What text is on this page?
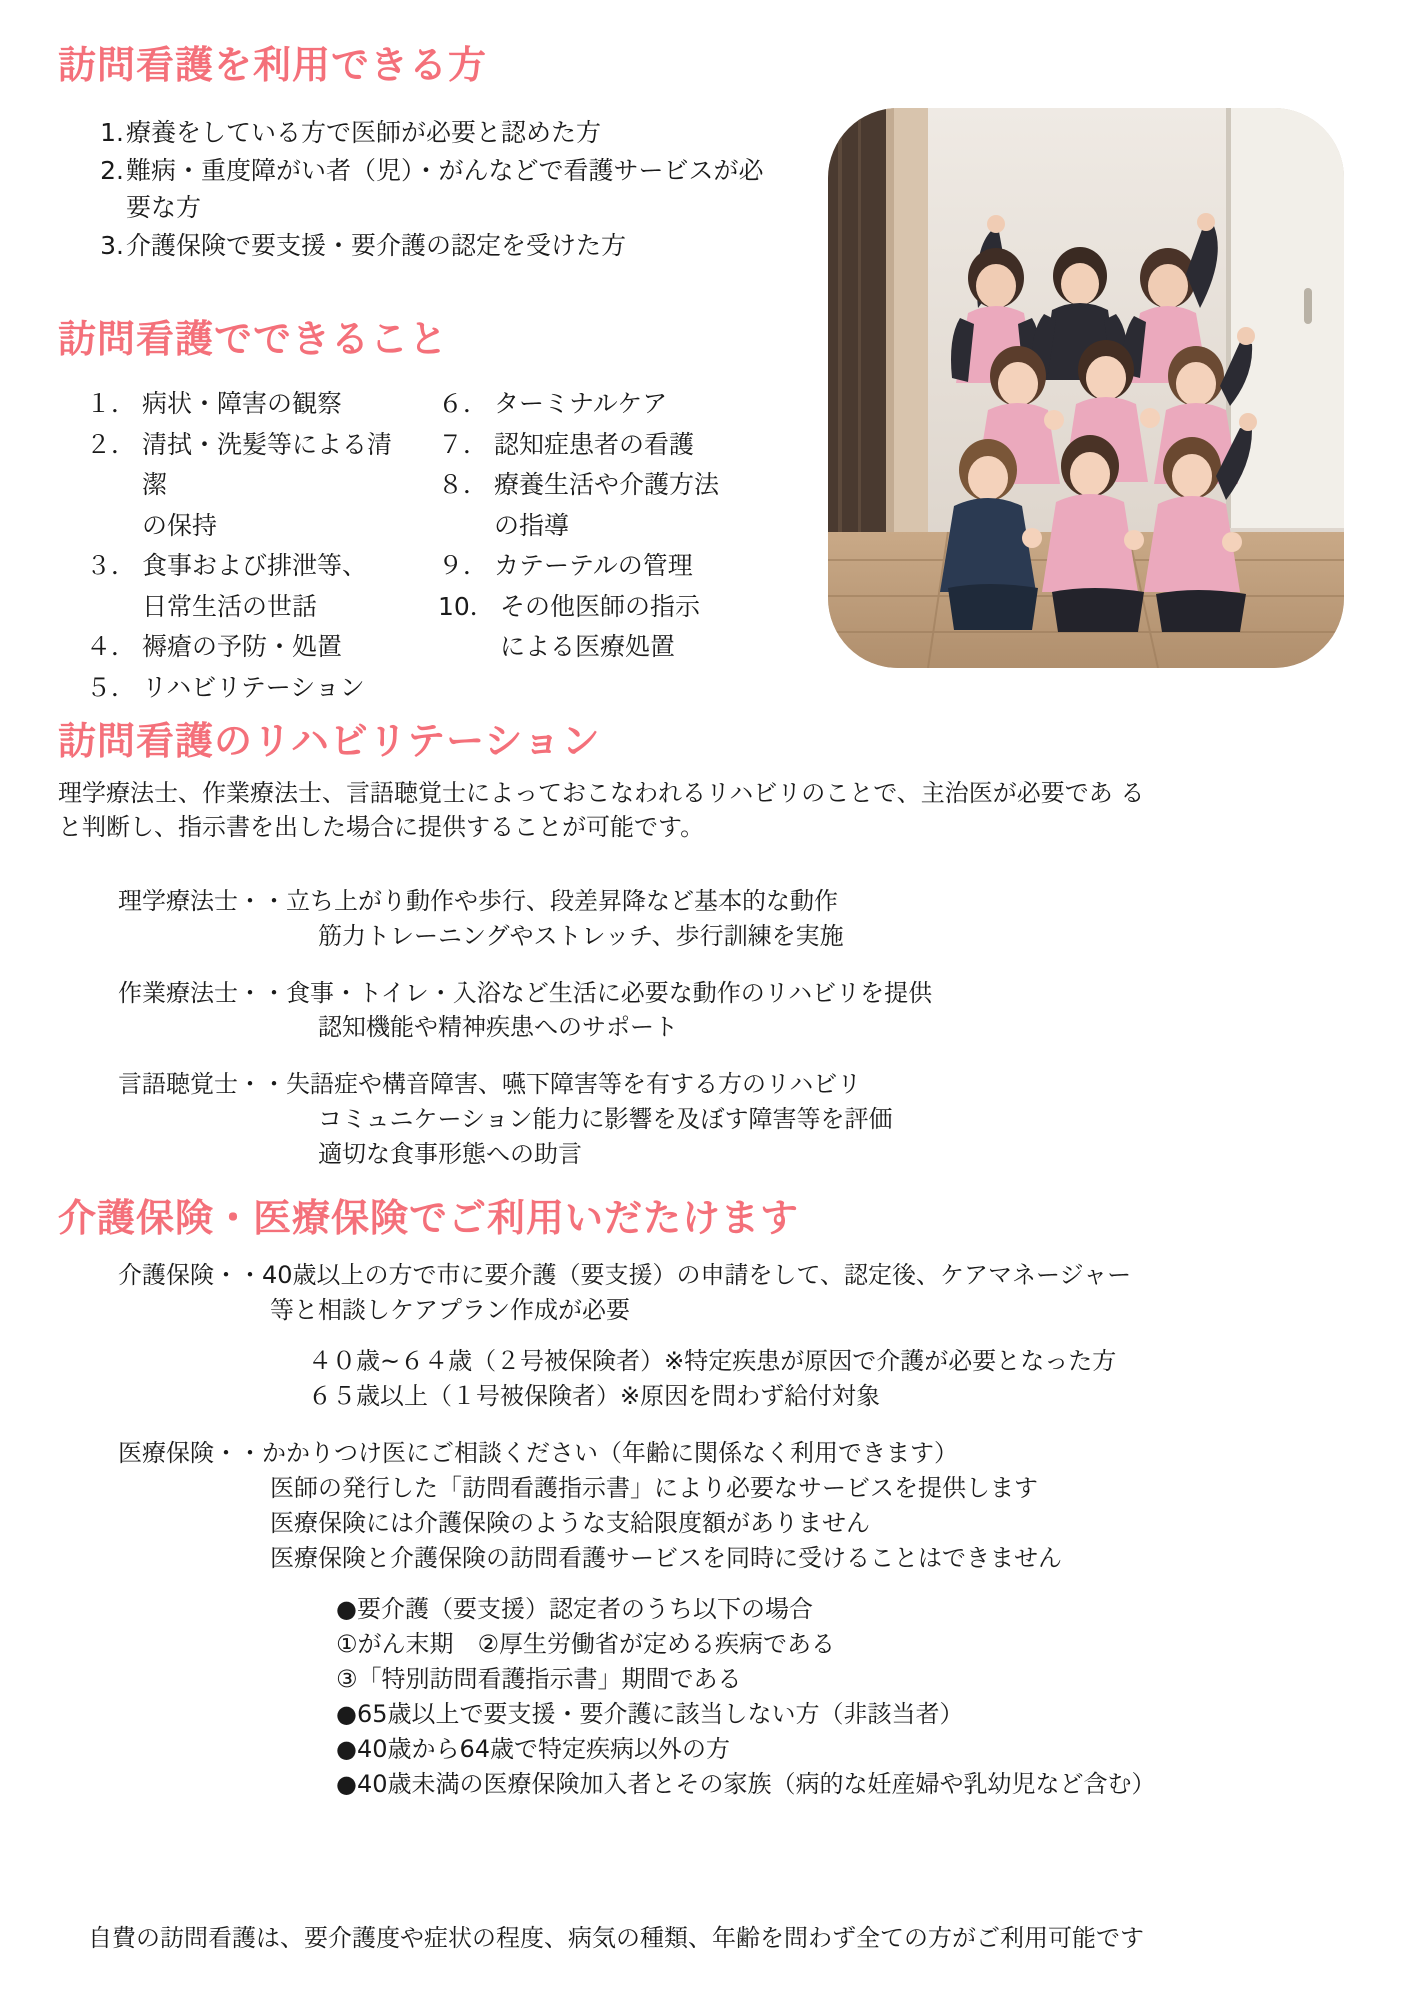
訪問看護を利用できる方
1. 療養をしている方で医師が必要と認めた方
2. 難病・重度障がい者（児）・がんなどで看護サービスが必要な方
3. 介護保険で要支援・要介護の認定を受けた方
訪問看護でできること
１． 病状・障害の観察
２． 清拭・洗髪等による清潔
の保持
３． 食事および排泄等、
日常生活の世話
４． 褥瘡の予防・処置
５． リハビリテーション
６． ターミナルケア
７． 認知症患者の看護
８． 療養生活や介護方法
の指導
９． カテーテルの管理
10． その他医師の指示
による医療処置
訪問看護のリハビリテーション
理学療法士、作業療法士、言語聴覚士によっておこなわれるリハビリのことで、主治医が必要であ る
と判断し、指示書を出した場合に提供することが可能です。
理学療法士・・ 立ち上がり動作や歩行、段差昇降など基本的な動作
筋力トレーニングやストレッチ、歩行訓練を実施
作業療法士・・ 食事・トイレ・入浴など生活に必要な動作のリハビリを提供
認知機能や精神疾患へのサポート
言語聴覚士・・ 失語症や構音障害、嚥下障害等を有する方のリハビリ
コミュニケーション能力に影響を及ぼす障害等を評価
適切な食事形態への助言
介護保険・医療保険でご利用いだたけます
介護保険・・ 40歳以上の方で市に要介護（要支援）の申請をして、認定後、ケアマネージャー
等と相談しケアプラン作成が必要
４０歳~６４歳（２号被保険者）※特定疾患が原因で介護が必要となった方
６５歳以上（１号被保険者）※原因を問わず給付対象
医療保険・・ かかりつけ医にご相談ください（年齢に関係なく利用できます）
医師の発行した「訪問看護指示書」により必要なサービスを提供します
医療保険には介護保険のような支給限度額がありません
医療保険と介護保険の訪問看護サービスを同時に受けることはできません
●要介護（要支援）認定者のうち以下の場合
①がん末期　②厚生労働省が定める疾病である
③「特別訪問看護指示書」期間である
●65歳以上で要支援・要介護に該当しない方（非該当者）
●40歳から64歳で特定疾病以外の方
●40歳未満の医療保険加入者とその家族（病的な妊産婦や乳幼児など含む）
自費の訪問看護は、要介護度や症状の程度、病気の種類、年齢を問わず全ての方がご利用可能です
